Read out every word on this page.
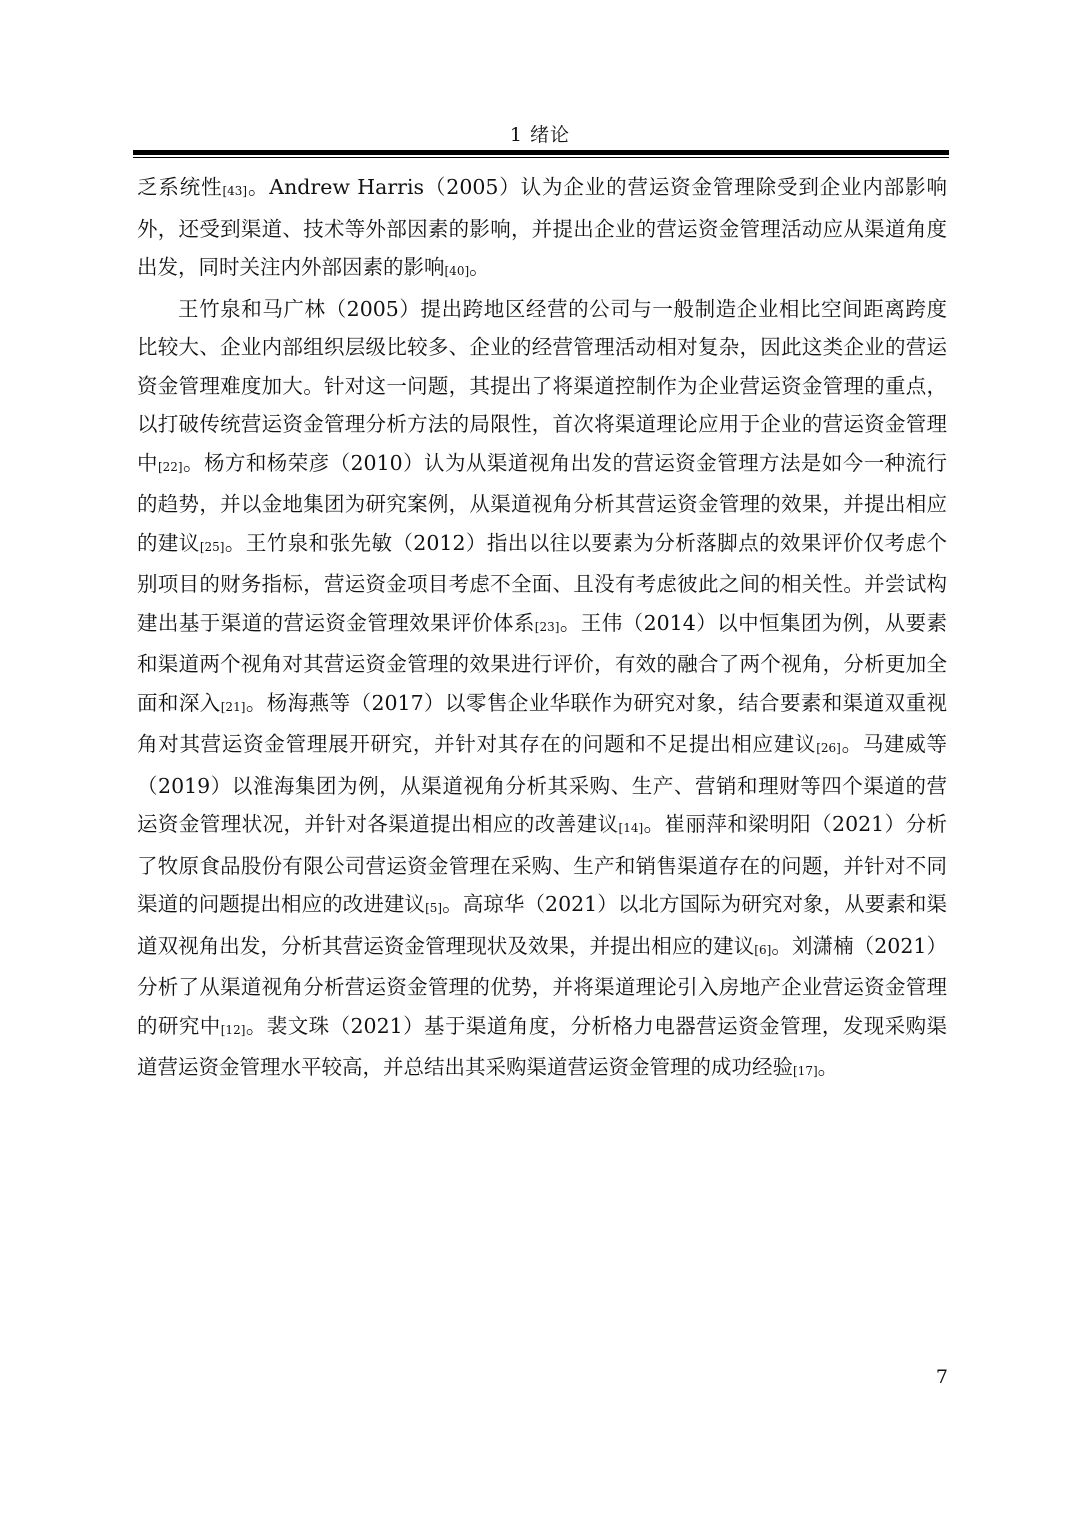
1 绪论

乏系统性[43]。Andrew Harris（2005）认为企业的营运资金管理除受到企业内部影响外，还受到渠道、技术等外部因素的影响，并提出企业的营运资金管理活动应从渠道角度出发，同时关注内外部因素的影响[40]。

王竹泉和马广林（2005）提出跨地区经营的公司与一般制造企业相比空间距离跨度比较大、企业内部组织层级比较多、企业的经营管理活动相对复杂，因此这类企业的营运资金管理难度加大。针对这一问题，其提出了将渠道控制作为企业营运资金管理的重点，以打破传统营运资金管理分析方法的局限性，首次将渠道理论应用于企业的营运资金管理中[22]。杨方和杨荣彦（2010）认为从渠道视角出发的营运资金管理方法是如今一种流行的趋势，并以金地集团为研究案例，从渠道视角分析其营运资金管理的效果，并提出相应的建议[25]。王竹泉和张先敏（2012）指出以往以要素为分析落脚点的效果评价仅考虑个别项目的财务指标，营运资金项目考虑不全面、且没有考虑彼此之间的相关性。并尝试构建出基于渠道的营运资金管理效果评价体系[23]。王伟（2014）以中恒集团为例，从要素和渠道两个视角对其营运资金管理的效果进行评价，有效的融合了两个视角，分析更加全面和深入[21]。杨海燕等（2017）以零售企业华联作为研究对象，结合要素和渠道双重视角对其营运资金管理展开研究，并针对其存在的问题和不足提出相应建议[26]。马建威等（2019）以淮海集团为例，从渠道视角分析其采购、生产、营销和理财等四个渠道的营运资金管理状况，并针对各渠道提出相应的改善建议[14]。崔丽萍和梁明阳（2021）分析了牧原食品股份有限公司营运资金管理在采购、生产和销售渠道存在的问题，并针对不同渠道的问题提出相应的改进建议[5]。高琼华（2021）以北方国际为研究对象，从要素和渠道双视角出发，分析其营运资金管理现状及效果，并提出相应的建议[6]。刘潇楠（2021）分析了从渠道视角分析营运资金管理的优势，并将渠道理论引入房地产企业营运资金管理的研究中[12]。裴文珠（2021）基于渠道角度，分析格力电器营运资金管理，发现采购渠道营运资金管理水平较高，并总结出其采购渠道营运资金管理的成功经验[17]。

7
